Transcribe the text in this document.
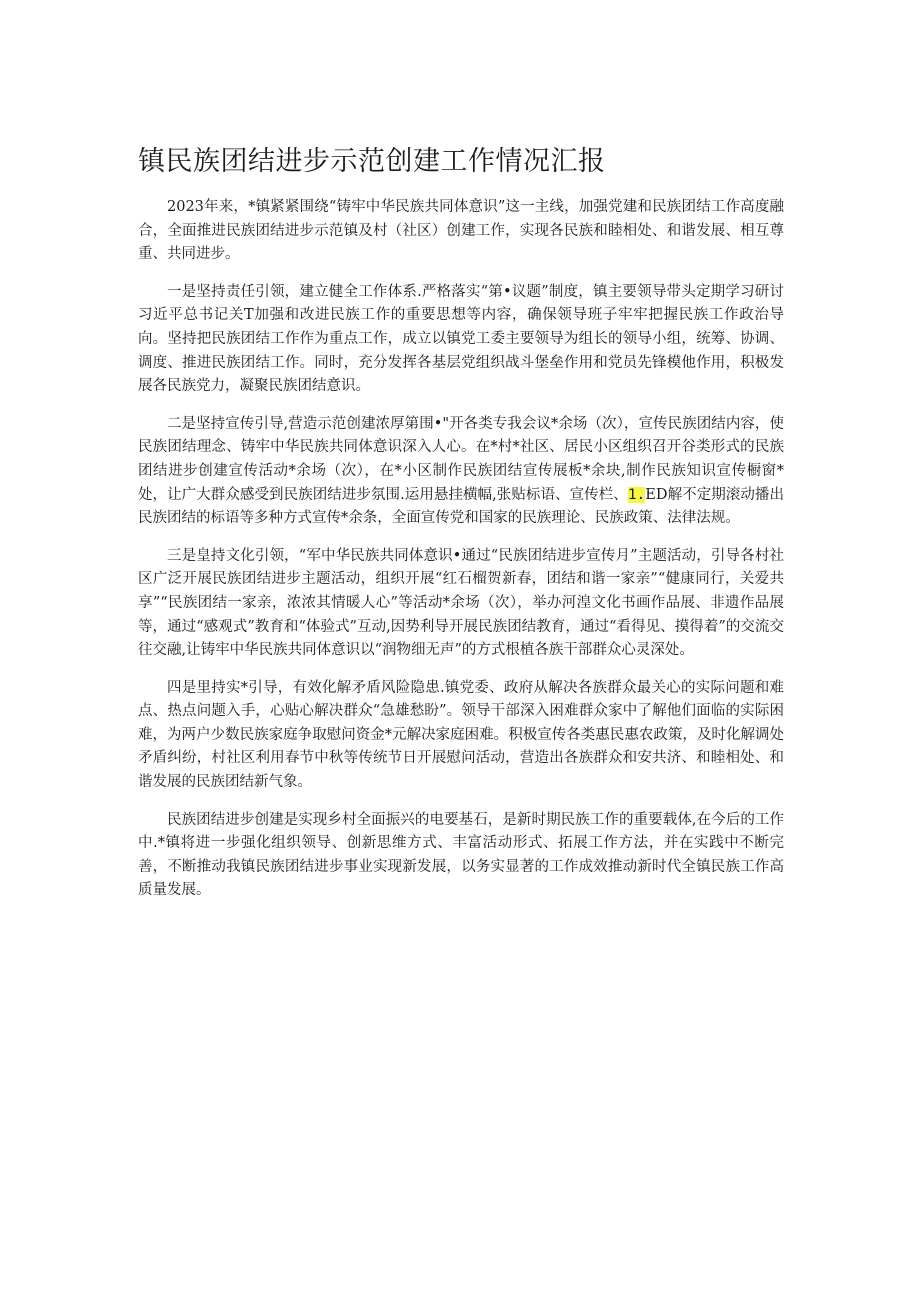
镇民族团结进步示范创建工作情况汇报

2023年来，*镇紧紧围绕“铸牢中华民族共同体意识”这一主线，加强党建和民族团结工作高度融合，全面推进民族团结进步示范镇及村（社区）创建工作，实现各民族和睦相处、和谐发展、相互尊重、共同进步。

一是坚持责任引领，建立健全工作体系.严格落实“第•议题”制度，镇主要领导带头定期学习研讨习近平总书记关T加强和改进民族工作的重要思想等内容，确保领导班子牢牢把握民族工作政治导向。坚持把民族团结工作作为重点工作，成立以镇党工委主要领导为组长的领导小组，统筹、协调、调度、推进民族团结工作。同时，充分发挥各基层党组织战斗堡垒作用和党员先锋模他作用，积极发展各民族党力，凝聚民族团结意识。

二是坚持宣传引导,营造示范创建浓厚第围•"开各类专我会议*余场（次），宣传民族团结内容，使民族团结理念、铸牢中华民族共同体意识深入人心。在*村*社区、居民小区组织召开谷类形式的民族团结进步创建宣传活动*余场（次），在*小区制作民族团结宣传展板*余块,制作民族知识宣传橱窗*处，让广大群众感受到民族团结进步氛围.运用悬挂横幅,张贴标语、宣传栏、1.ED解不定期滚动播出民族团结的标语等多种方式宣传*余条，全面宣传党和国家的民族理论、民族政策、法律法规。

三是皇持文化引领，“军中华民族共同体意识•通过“民族团结进步宣传月”主题活动，引导各村社区广泛开展民族团结进步主题活动，组织开展“红石榴贺新春，团结和谐一家亲”“健康同行，关爱共享”“民族团结一家亲，浓浓其情暖人心”等活动*余场（次），举办河湟文化书画作品展、非遗作品展等，通过“感观式”教育和“体验式”互动,因势利导开展民族团结教育，通过“看得见、摸得着”的交流交往交融,让铸牢中华民族共同体意识以“润物细无声”的方式根植各族干部群众心灵深处。

四是里持实*引导，有效化解矛盾风险隐患.镇党委、政府从解决各族群众最关心的实际问题和难点、热点问题入手，心贴心解决群众“急雄愁盼”。领导干部深入困难群众家中了解他们面临的实际困难，为两户少数民族家庭争取慰问资金*元解决家庭困难。积极宣传各类惠民惠农政策，及时化解调处矛盾纠纷，村社区利用春节中秋等传统节日开展慰问活动，营造出各族群众和安共济、和睦相处、和谐发展的民族团结新气象。

民族团结进步创建是实现乡村全面振兴的电要基石，是新时期民族工作的重要载体,在今后的工作中.*镇将进一步强化组织领导、创新思维方式、丰富活动形式、拓展工作方法，并在实践中不断完善，不断推动我镇民族团结进步事业实现新发展，以务实显著的工作成效推动新时代全镇民族工作高质量发展。
